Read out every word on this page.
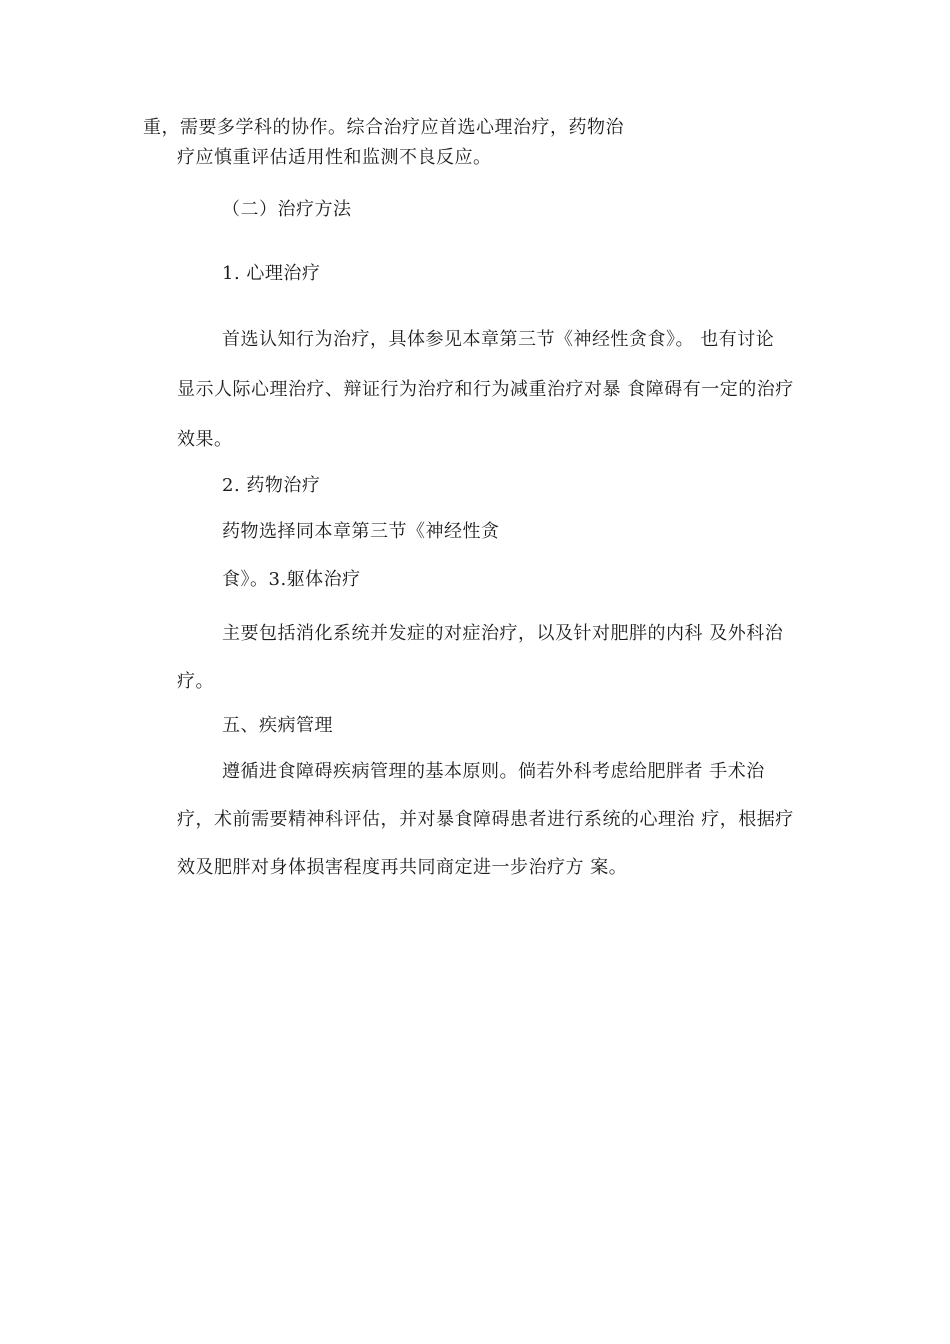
重，需要多学科的协作。综合治疗应首选心理治疗，药物治
疗应慎重评估适用性和监测不良反应。
（二）治疗方法
1. 心理治疗
首选认知行为治疗，具体参见本章第三节《神经性贪食》。 也有讨论
显示人际心理治疗、辩证行为治疗和行为减重治疗对暴 食障碍有一定的治疗
效果。
2. 药物治疗
药物选择同本章第三节《神经性贪
食》。3.躯体治疗
主要包括消化系统并发症的对症治疗，以及针对肥胖的内科 及外科治
疗。
五、疾病管理
遵循进食障碍疾病管理的基本原则。倘若外科考虑给肥胖者 手术治
疗，术前需要精神科评估，并对暴食障碍患者进行系统的心理治 疗，根据疗
效及肥胖对身体损害程度再共同商定进一步治疗方 案。
